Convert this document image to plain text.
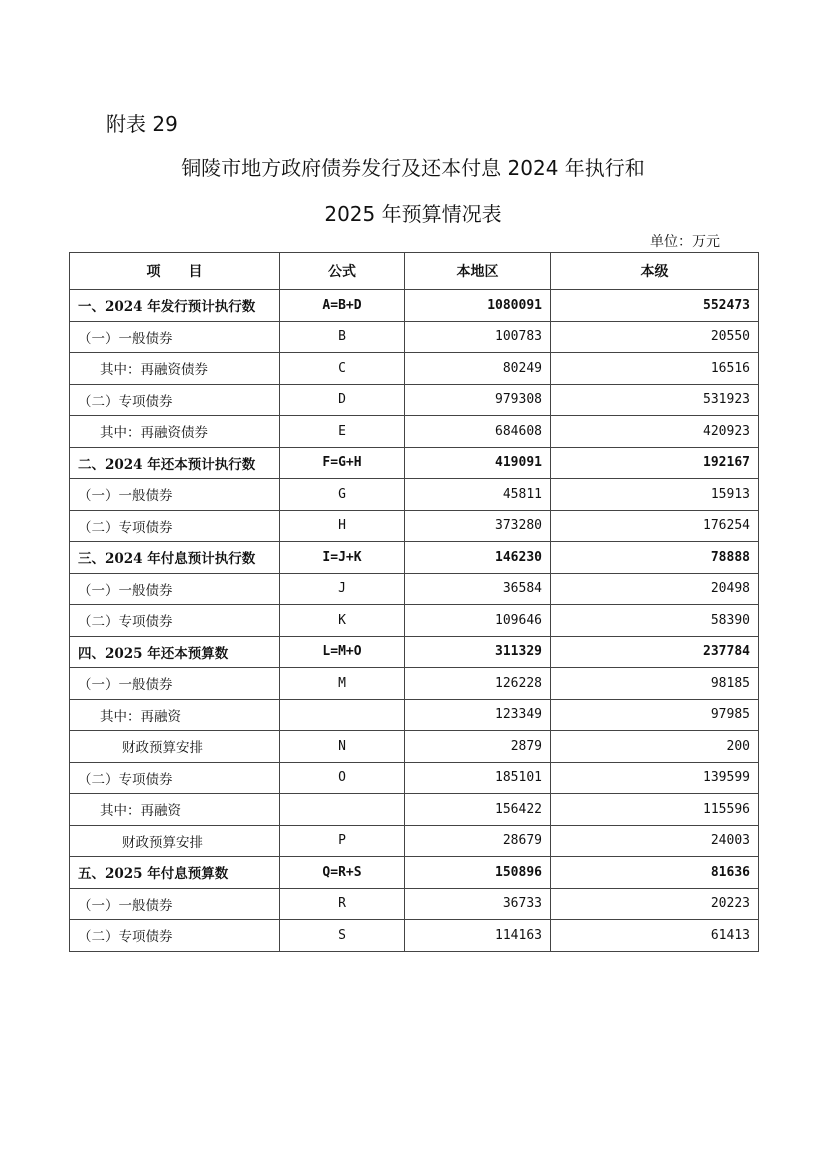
附表 29
铜陵市地方政府债券发行及还本付息 2024 年执行和
2025 年预算情况表
单位：万元
项　　目	公式	本地区	本级
一、2024 年发行预计执行数	A=B+D	1080091	552473
（一）一般债券	B	100783	20550
其中：再融资债券	C	80249	16516
（二）专项债券	D	979308	531923
其中：再融资债券	E	684608	420923
二、2024 年还本预计执行数	F=G+H	419091	192167
（一）一般债券	G	45811	15913
（二）专项债券	H	373280	176254
三、2024 年付息预计执行数	I=J+K	146230	78888
（一）一般债券	J	36584	20498
（二）专项债券	K	109646	58390
四、2025 年还本预算数	L=M+O	311329	237784
（一）一般债券	M	126228	98185
其中：再融资		123349	97985
财政预算安排	N	2879	200
（二）专项债券	O	185101	139599
其中：再融资		156422	115596
财政预算安排	P	28679	24003
五、2025 年付息预算数	Q=R+S	150896	81636
（一）一般债券	R	36733	20223
（二）专项债券	S	114163	61413
